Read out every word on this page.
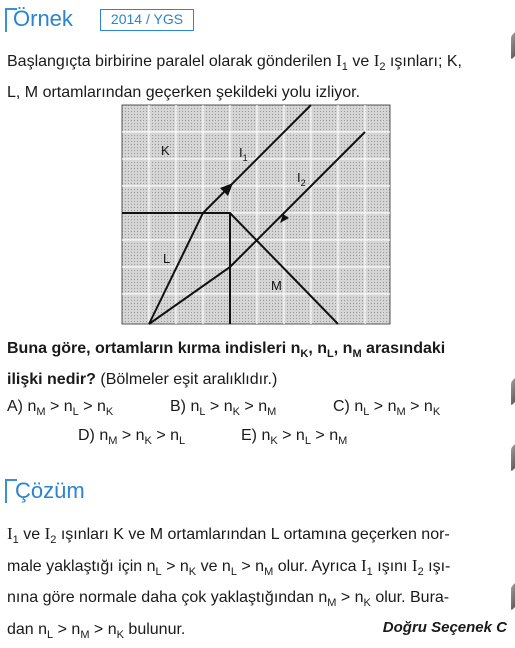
Örnek	2014 / YGS
Başlangıçta birbirine paralel olarak gönderilen $I_1$ ve $I_2$ ışınları; K,
L, M ortamlarından geçerken şekildeki yolu izliyor.
K	$I_1$
$I_2$
L
M
Buna göre, ortamların kırma indisleri $n_K$, $n_L$, $n_M$ arasındaki
ilişki nedir? (Bölmeler eşit aralıklıdır.)
A) $n_M > n_L > n_K$	B) $n_L > n_K > n_M$	C) $n_L > n_M > n_K$
D) $n_M > n_K > n_L$	E) $n_K > n_L > n_M$
Çözüm
$I_1$ ve $I_2$ ışınları K ve M ortamlarından L ortamına geçerken nor-
male yaklaştığı için $n_L > n_K$ ve $n_L > n_M$ olur. Ayrıca $I_1$ ışını $I_2$ ışı-
nına göre normale daha çok yaklaştığından $n_M > n_K$ olur. Bura-
dan $n_L > n_M > n_K$ bulunur.	Doğru Seçenek C
